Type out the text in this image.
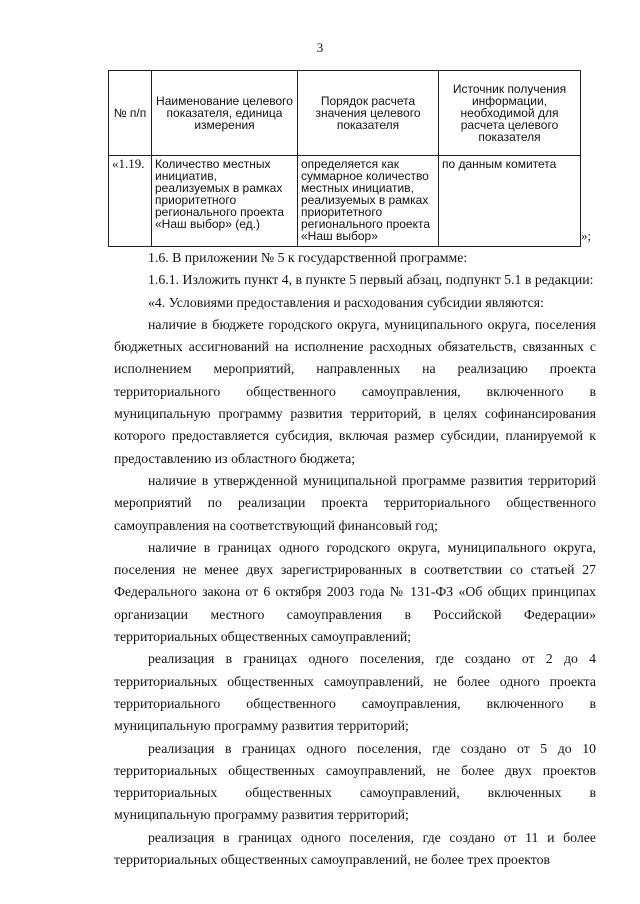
3
№ п/п	Наименование целевого показателя, единица измерения	Порядок расчета значения целевого показателя	Источник получения информации, необходимой для расчета целевого показателя
«1.19.	Количество местных инициатив, реализуемых в рамках приоритетного регионального проекта «Наш выбор» (ед.)	определяется как суммарное количество местных инициатив, реализуемых в рамках приоритетного регионального проекта «Наш выбор»	по данным комитета
»;

1.6. В приложении № 5 к государственной программе:

1.6.1. Изложить пункт 4, в пункте 5 первый абзац, подпункт 5.1 в редакции:

«4. Условиями предоставления и расходования субсидии являются:

наличие в бюджете городского округа, муниципального округа, поселения бюджетных ассигнований на исполнение расходных обязательств, связанных с исполнением мероприятий, направленных на реализацию проекта территориального общественного самоуправления, включенного в муниципальную программу развития территорий, в целях софинансирования которого предоставляется субсидия, включая размер субсидии, планируемой к предоставлению из областного бюджета;

наличие в утвержденной муниципальной программе развития территорий мероприятий по реализации проекта территориального общественного самоуправления на соответствующий финансовый год;

наличие в границах одного городского округа, муниципального округа, поселения не менее двух зарегистрированных в соответствии со статьей 27 Федерального закона от 6 октября 2003 года № 131-ФЗ «Об общих принципах организации местного самоуправления в Российской Федерации» территориальных общественных самоуправлений;

реализация в границах одного поселения, где создано от 2 до 4 территориальных общественных самоуправлений, не более одного проекта территориального общественного самоуправления, включенного в муниципальную программу развития территорий;

реализация в границах одного поселения, где создано от 5 до 10 территориальных общественных самоуправлений, не более двух проектов территориальных общественных самоуправлений, включенных в муниципальную программу развития территорий;

реализация в границах одного поселения, где создано от 11 и более территориальных общественных самоуправлений, не более трех проектов
